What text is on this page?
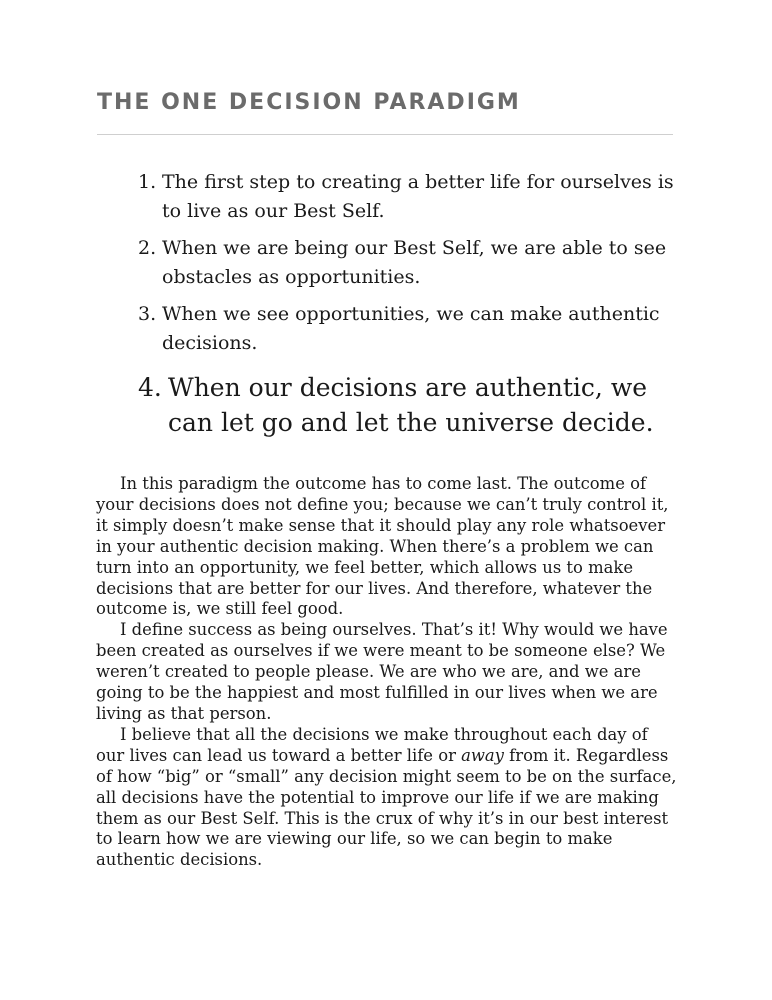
THE ONE DECISION PARADIGM
1. The first step to creating a better life for ourselves is to live as our Best Self.
2. When we are being our Best Self, we are able to see obstacles as opportunities.
3. When we see opportunities, we can make authentic decisions.
4. When our decisions are authentic, we can let go and let the universe decide.

In this paradigm the outcome has to come last. The outcome of your decisions does not define you; because we can’t truly control it, it simply doesn’t make sense that it should play any role whatsoever in your authentic decision making. When there’s a problem we can turn into an opportunity, we feel better, which allows us to make decisions that are better for our lives. And therefore, whatever the outcome is, we still feel good.

I define success as being ourselves. That’s it! Why would we have been created as ourselves if we were meant to be someone else? We weren’t created to people please. We are who we are, and we are going to be the happiest and most fulfilled in our lives when we are living as that person.

I believe that all the decisions we make throughout each day of our lives can lead us toward a better life or away from it. Regardless of how “big” or “small” any decision might seem to be on the surface, all decisions have the potential to improve our life if we are making them as our Best Self. This is the crux of why it’s in our best interest to learn how we are viewing our life, so we can begin to make authentic decisions.
